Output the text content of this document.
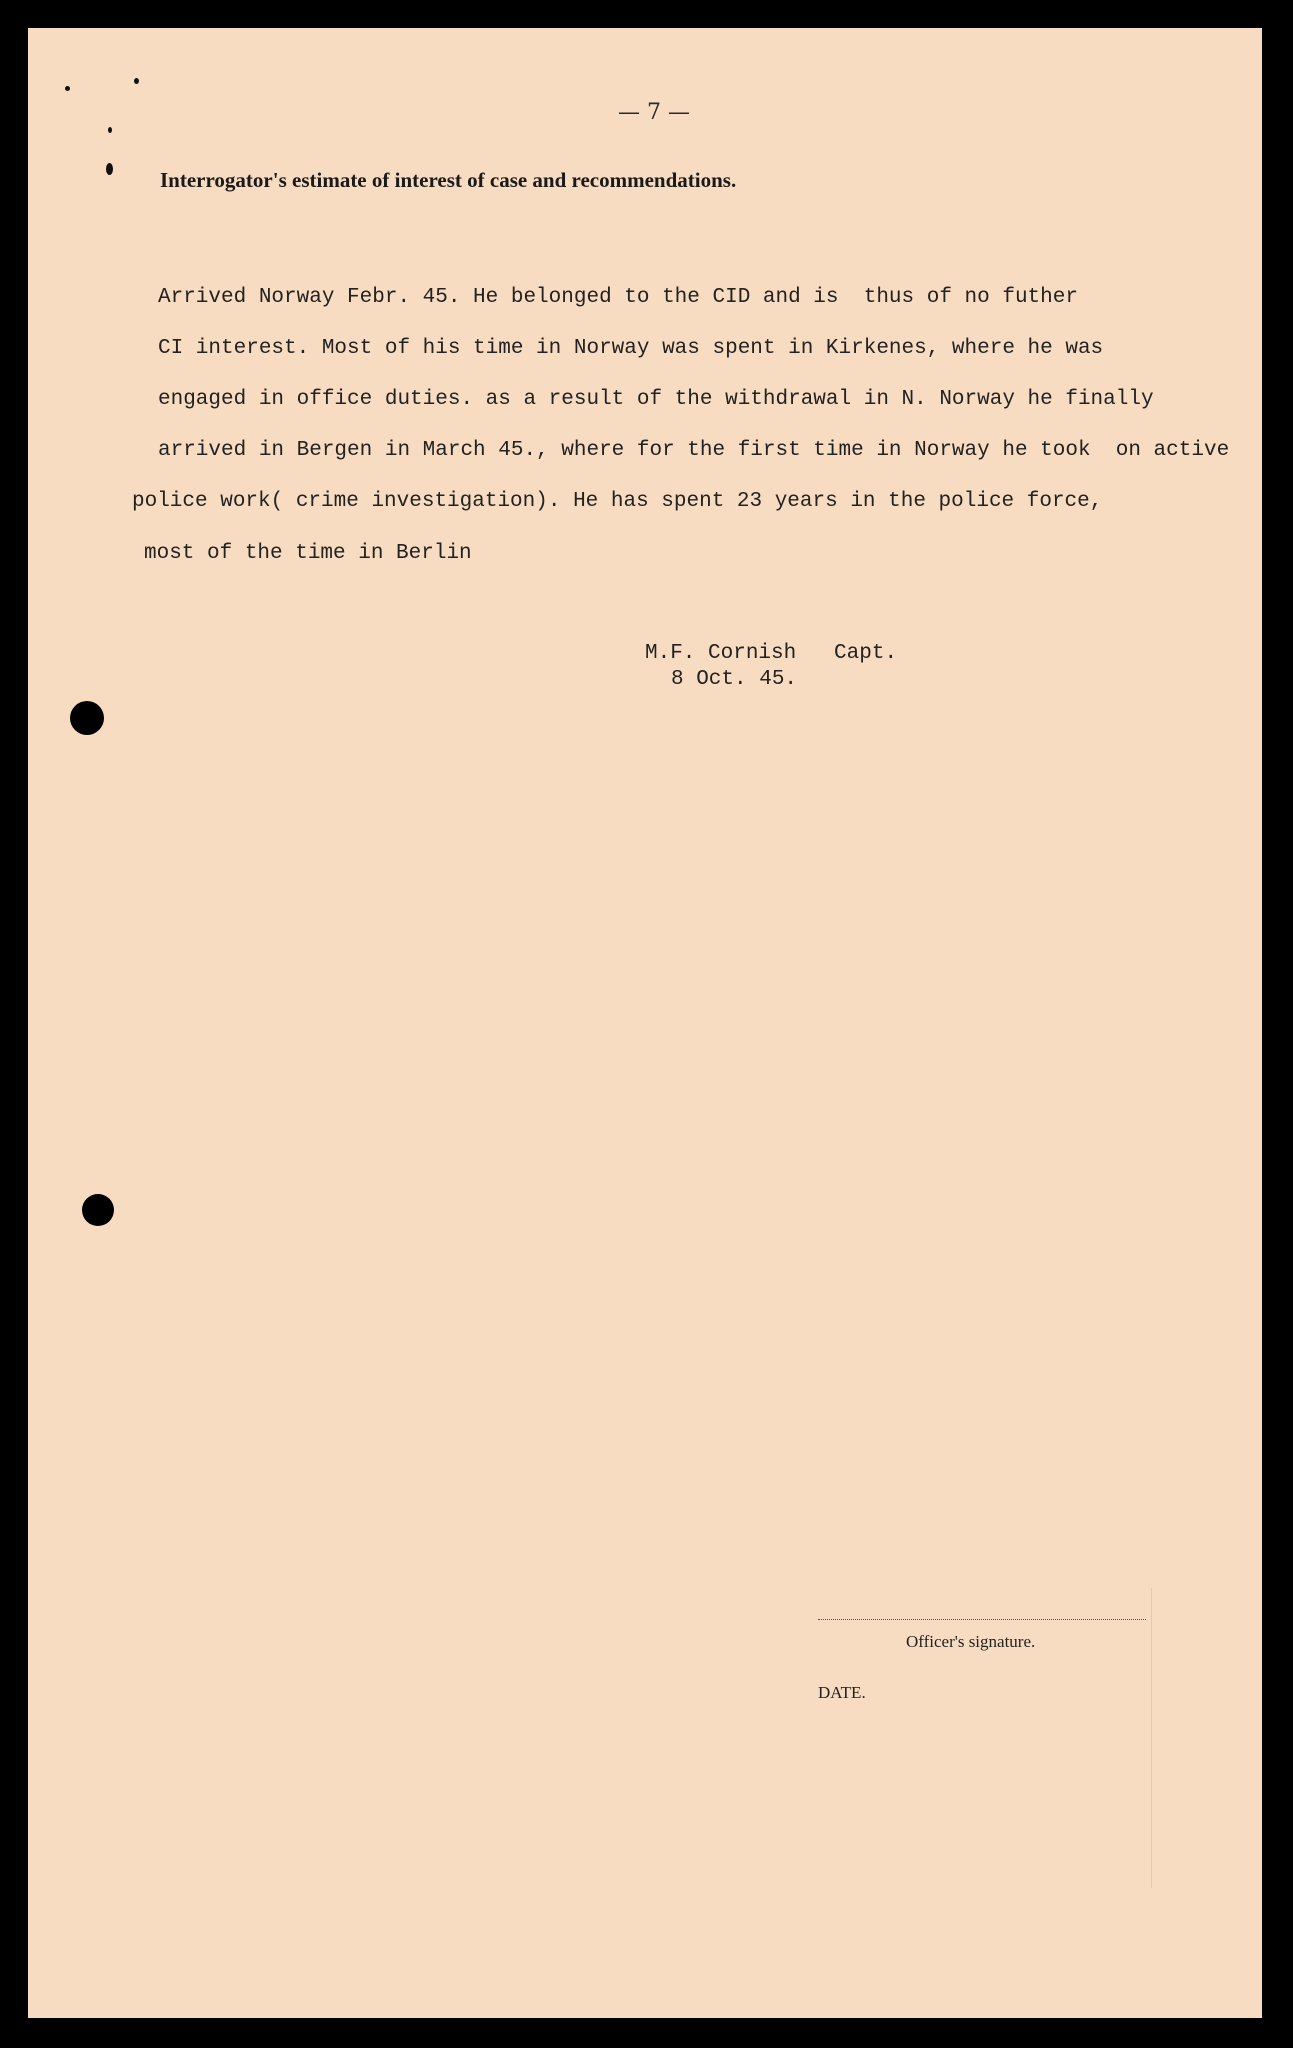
— 7 —
Interrogator's estimate of interest of case and recommendations.
Arrived Norway Febr. 45. He belonged to the CID and is  thus of no futher
CI interest. Most of his time in Norway was spent in Kirkenes, where he was
engaged in office duties. as a result of the withdrawal in N. Norway he finally
arrived in Bergen in March 45., where for the first time in Norway he took  on active
police work( crime investigation). He has spent 23 years in the police force,
most of the time in Berlin
M.F. Cornish   Capt.
8 Oct. 45.
Officer's signature.
DATE.
